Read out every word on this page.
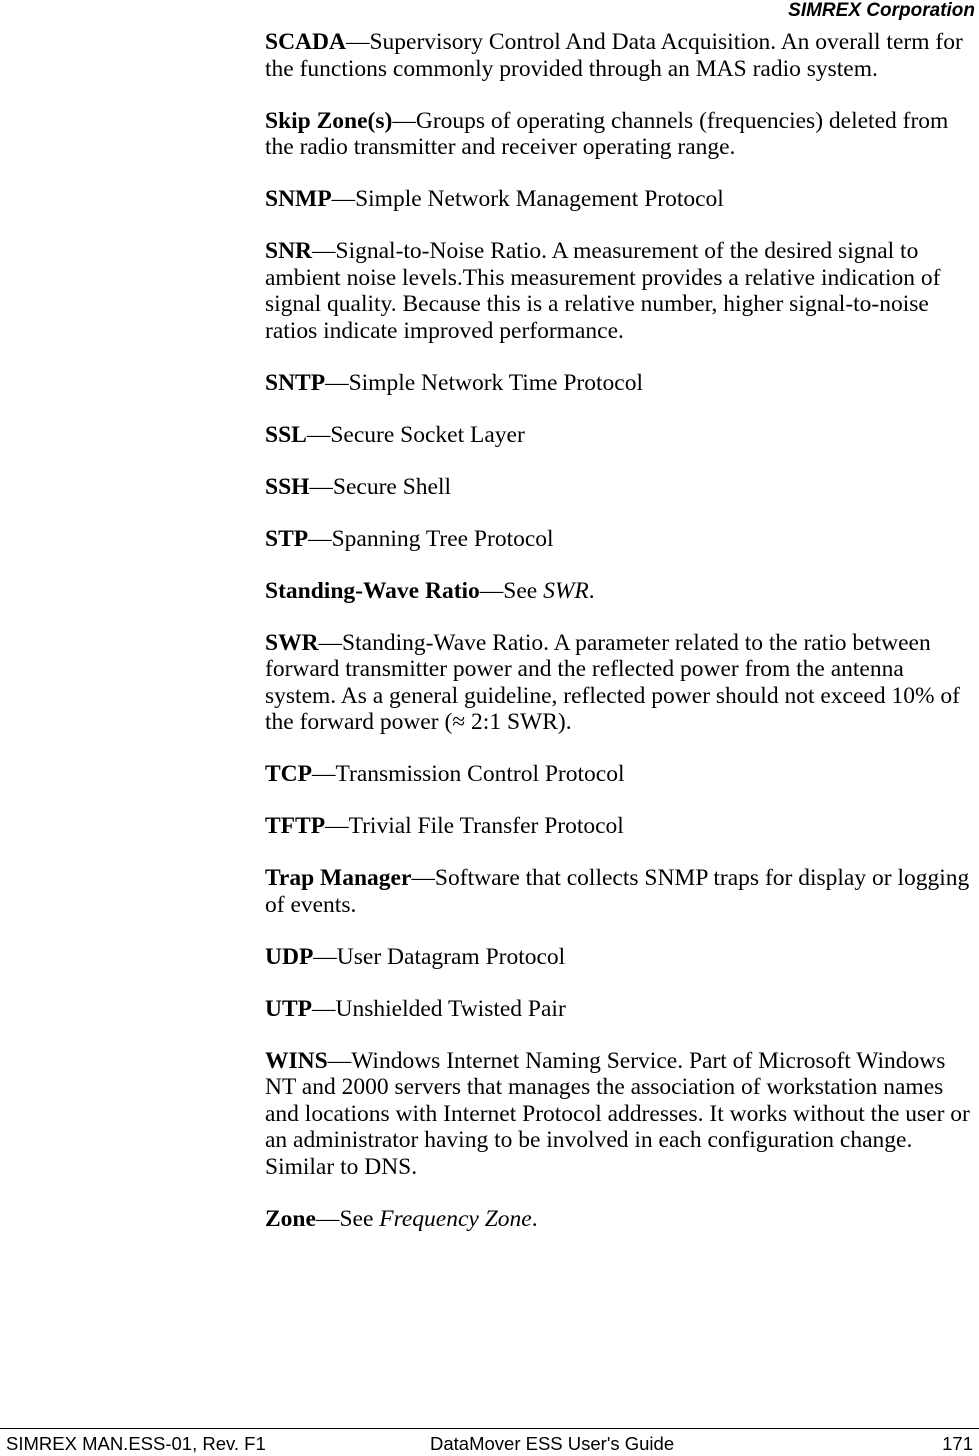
SIMREX Corporation

SCADA—Supervisory Control And Data Acquisition. An overall term for the functions commonly provided through an MAS radio system.

Skip Zone(s)—Groups of operating channels (frequencies) deleted from the radio transmitter and receiver operating range.

SNMP—Simple Network Management Protocol

SNR—Signal-to-Noise Ratio. A measurement of the desired signal to ambient noise levels.This measurement provides a relative indication of signal quality. Because this is a relative number, higher signal-to-noise ratios indicate improved performance.

SNTP—Simple Network Time Protocol

SSL—Secure Socket Layer

SSH—Secure Shell

STP—Spanning Tree Protocol

Standing-Wave Ratio—See SWR.

SWR—Standing-Wave Ratio. A parameter related to the ratio between forward transmitter power and the reflected power from the antenna system. As a general guideline, reflected power should not exceed 10% of the forward power (≈ 2:1 SWR).

TCP—Transmission Control Protocol

TFTP—Trivial File Transfer Protocol

Trap Manager—Software that collects SNMP traps for display or logging of events.

UDP—User Datagram Protocol

UTP—Unshielded Twisted Pair

WINS—Windows Internet Naming Service. Part of Microsoft Windows NT and 2000 servers that manages the association of workstation names and locations with Internet Protocol addresses. It works without the user or an administrator having to be involved in each configuration change. Similar to DNS.

Zone—See Frequency Zone.

SIMREX MAN.ESS-01, Rev. F1	DataMover ESS User's Guide	171
